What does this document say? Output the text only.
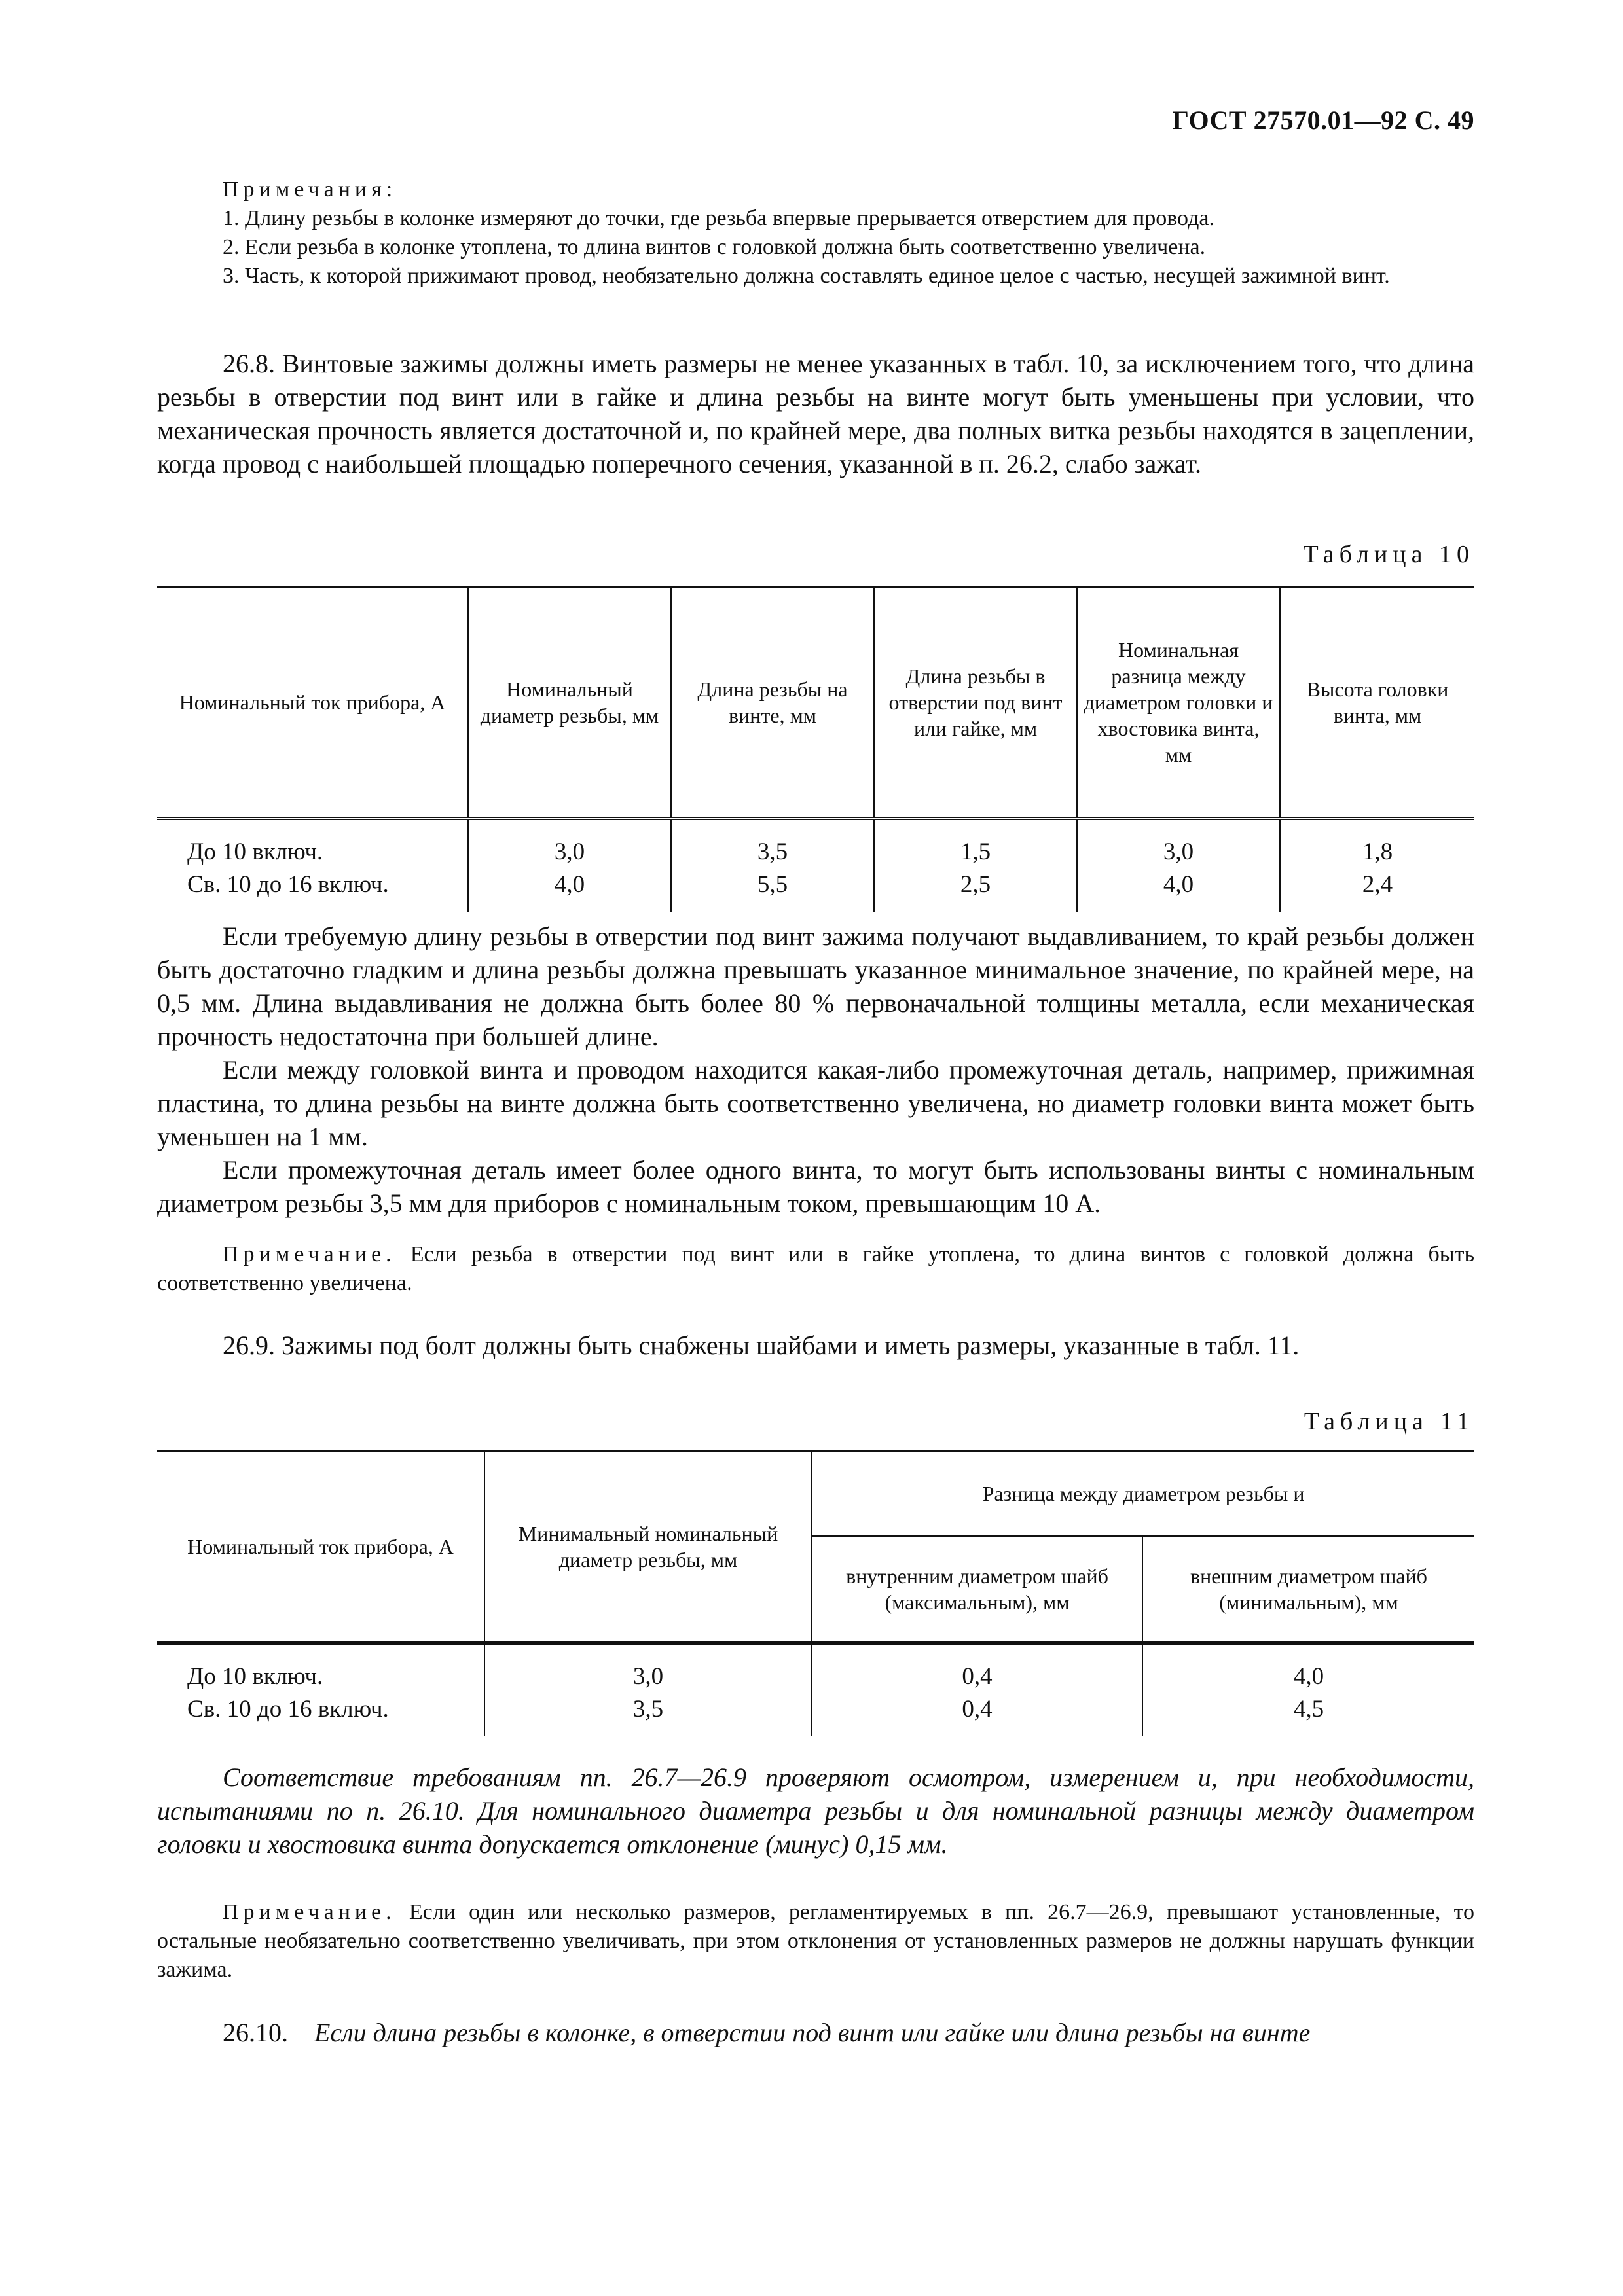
ГОСТ 27570.01—92 С. 49

Примечания:

1. Длину резьбы в колонке измеряют до точки, где резьба впервые прерывается отверстием для провода.

2. Если резьба в колонке утоплена, то длина винтов с головкой должна быть соответственно увеличена.

3. Часть, к которой прижимают провод, необязательно должна составлять единое целое с частью, несущей зажимной винт.

26.8. Винтовые зажимы должны иметь размеры не менее указанных в табл. 10, за исключением того, что длина резьбы в отверстии под винт или в гайке и длина резьбы на винте могут быть уменьшены при условии, что механическая прочность является достаточной и, по крайней мере, два полных витка резьбы находятся в зацеплении, когда провод с наибольшей площадью поперечного сечения, указанной в п. 26.2, слабо зажат.

Таблица 10
Номинальный ток прибора, А	Номинальный диаметр резьбы, мм	Длина резьбы на винте, мм	Длина резьбы в отверстии под винт или гайке, мм	Номинальная разница между диаметром головки и хвостовика винта, мм	Высота головки винта, мм
До 10 включ.	3,0	3,5	1,5	3,0	1,8
Св. 10 до 16 включ.	4,0	5,5	2,5	4,0	2,4

Если требуемую длину резьбы в отверстии под винт зажима получают выдавливанием, то край резьбы должен быть достаточно гладким и длина резьбы должна превышать указанное минимальное значение, по крайней мере, на 0,5 мм. Длина выдавливания не должна быть более 80 % первоначальной толщины металла, если механическая прочность недостаточна при большей длине.

Если между головкой винта и проводом находится какая-либо промежуточная деталь, например, прижимная пластина, то длина резьбы на винте должна быть соответственно увеличена, но диаметр головки винта может быть уменьшен на 1 мм.

Если промежуточная деталь имеет более одного винта, то могут быть использованы винты с номинальным диаметром резьбы 3,5 мм для приборов с номинальным током, превышающим 10 А.

Примечание. Если резьба в отверстии под винт или в гайке утоплена, то длина винтов с головкой должна быть соответственно увеличена.

26.9. Зажимы под болт должны быть снабжены шайбами и иметь размеры, указанные в табл. 11.

Таблица 11
Номинальный ток прибора, А	Минимальный номинальный диаметр резьбы, мм	Разница между диаметром резьбы и	
		внутренним диаметром шайб (максимальным), мм	внешним диаметром шайб (минимальным), мм
До 10 включ.	3,0	0,4	4,0
Св. 10 до 16 включ.	3,5	0,4	4,5

Соответствие требованиям пп. 26.7—26.9 проверяют осмотром, измерением и, при необходимости, испытаниями по п. 26.10. Для номинального диаметра резьбы и для номинальной разницы между диаметром головки и хвостовика винта допускается отклонение (минус) 0,15 мм.

Примечание. Если один или несколько размеров, регламентируемых в пп. 26.7—26.9, превышают установленные, то остальные необязательно соответственно увеличивать, при этом отклонения от установленных размеров не должны нарушать функции зажима.

26.10. Если длина резьбы в колонке, в отверстии под винт или гайке или длина резьбы на винте
